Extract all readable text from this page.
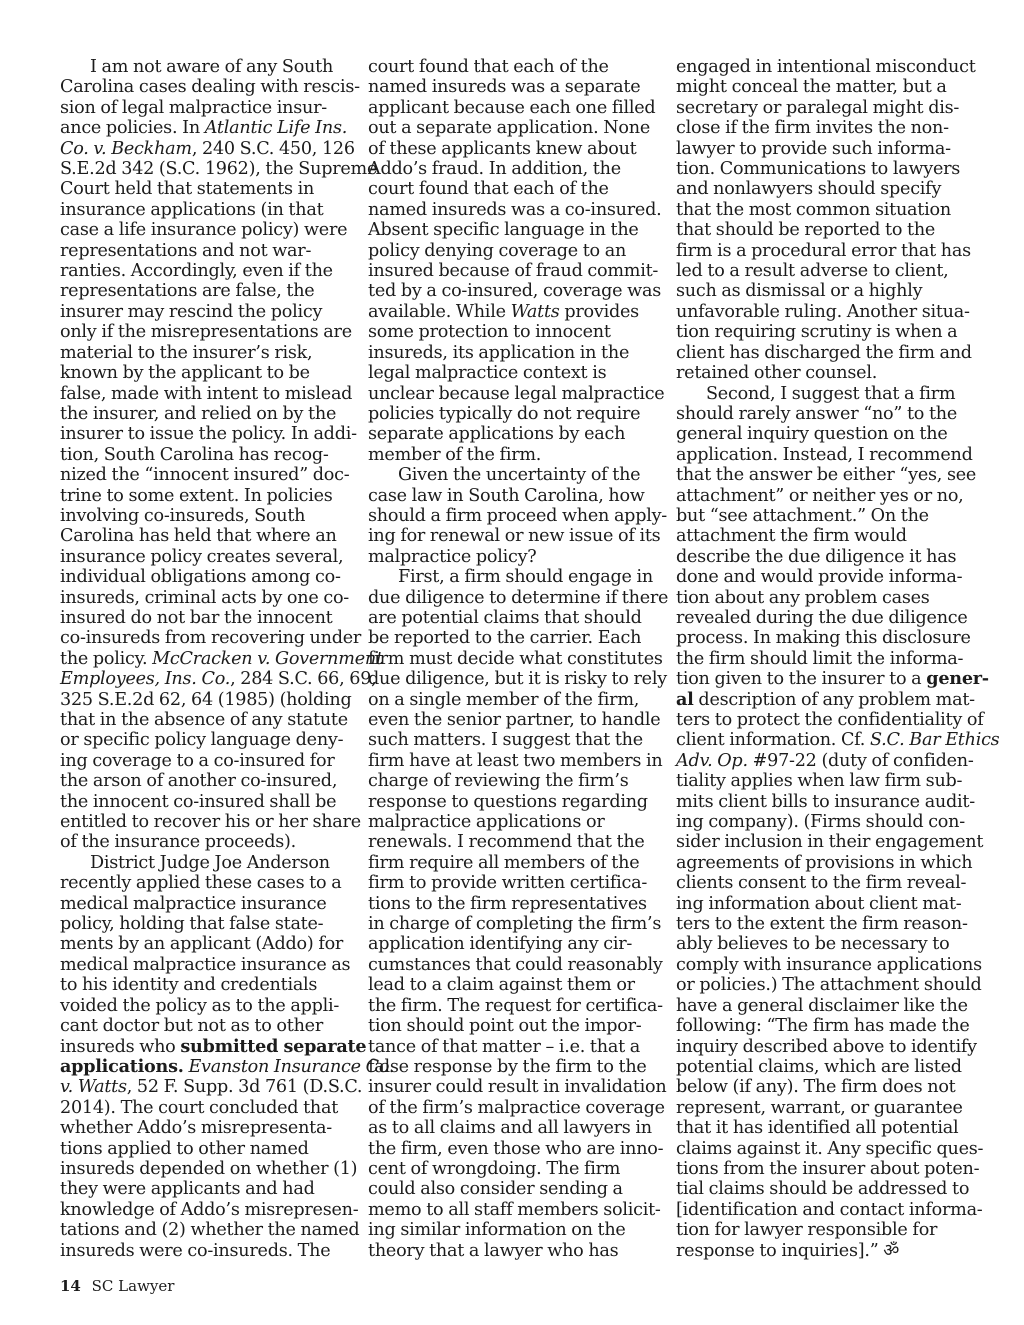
I am not aware of any South
Carolina cases dealing with rescis-
sion of legal malpractice insur-
ance policies. In Atlantic Life Ins.
Co. v. Beckham, 240 S.C. 450, 126
S.E.2d 342 (S.C. 1962), the Supreme
Court held that statements in
insurance applications (in that
case a life insurance policy) were
representations and not war-
ranties. Accordingly, even if the
representations are false, the
insurer may rescind the policy
only if the misrepresentations are
material to the insurer’s risk,
known by the applicant to be
false, made with intent to mislead
the insurer, and relied on by the
insurer to issue the policy. In addi-
tion, South Carolina has recog-
nized the “innocent insured” doc-
trine to some extent. In policies
involving co-insureds, South
Carolina has held that where an
insurance policy creates several,
individual obligations among co-
insureds, criminal acts by one co-
insured do not bar the innocent
co-insureds from recovering under
the policy. McCracken v. Government
Employees, Ins. Co., 284 S.C. 66, 69,
325 S.E.2d 62, 64 (1985) (holding
that in the absence of any statute
or specific policy language deny-
ing coverage to a co-insured for
the arson of another co-insured,
the innocent co-insured shall be
entitled to recover his or her share
of the insurance proceeds).
District Judge Joe Anderson
recently applied these cases to a
medical malpractice insurance
policy, holding that false state-
ments by an applicant (Addo) for
medical malpractice insurance as
to his identity and credentials
voided the policy as to the appli-
cant doctor but not as to other
insureds who submitted separate
applications. Evanston Insurance Co.
v. Watts, 52 F. Supp. 3d 761 (D.S.C.
2014). The court concluded that
whether Addo’s misrepresenta-
tions applied to other named
insureds depended on whether (1)
they were applicants and had
knowledge of Addo’s misrepresen-
tations and (2) whether the named
insureds were co-insureds. The
court found that each of the
named insureds was a separate
applicant because each one filled
out a separate application. None
of these applicants knew about
Addo’s fraud. In addition, the
court found that each of the
named insureds was a co-insured.
Absent specific language in the
policy denying coverage to an
insured because of fraud commit-
ted by a co-insured, coverage was
available. While Watts provides
some protection to innocent
insureds, its application in the
legal malpractice context is
unclear because legal malpractice
policies typically do not require
separate applications by each
member of the firm.
Given the uncertainty of the
case law in South Carolina, how
should a firm proceed when apply-
ing for renewal or new issue of its
malpractice policy?
First, a firm should engage in
due diligence to determine if there
are potential claims that should
be reported to the carrier. Each
firm must decide what constitutes
due diligence, but it is risky to rely
on a single member of the firm,
even the senior partner, to handle
such matters. I suggest that the
firm have at least two members in
charge of reviewing the firm’s
response to questions regarding
malpractice applications or
renewals. I recommend that the
firm require all members of the
firm to provide written certifica-
tions to the firm representatives
in charge of completing the firm’s
application identifying any cir-
cumstances that could reasonably
lead to a claim against them or
the firm. The request for certifica-
tion should point out the impor-
tance of that matter – i.e. that a
false response by the firm to the
insurer could result in invalidation
of the firm’s malpractice coverage
as to all claims and all lawyers in
the firm, even those who are inno-
cent of wrongdoing. The firm
could also consider sending a
memo to all staff members solicit-
ing similar information on the
theory that a lawyer who has
engaged in intentional misconduct
might conceal the matter, but a
secretary or paralegal might dis-
close if the firm invites the non-
lawyer to provide such informa-
tion. Communications to lawyers
and nonlawyers should specify
that the most common situation
that should be reported to the
firm is a procedural error that has
led to a result adverse to client,
such as dismissal or a highly
unfavorable ruling. Another situa-
tion requiring scrutiny is when a
client has discharged the firm and
retained other counsel.
Second, I suggest that a firm
should rarely answer “no” to the
general inquiry question on the
application. Instead, I recommend
that the answer be either “yes, see
attachment” or neither yes or no,
but “see attachment.” On the
attachment the firm would
describe the due diligence it has
done and would provide informa-
tion about any problem cases
revealed during the due diligence
process. In making this disclosure
the firm should limit the informa-
tion given to the insurer to a gener-
al description of any problem mat-
ters to protect the confidentiality of
client information. Cf. S.C. Bar Ethics
Adv. Op. #97-22 (duty of confiden-
tiality applies when law firm sub-
mits client bills to insurance audit-
ing company). (Firms should con-
sider inclusion in their engagement
agreements of provisions in which
clients consent to the firm reveal-
ing information about client mat-
ters to the extent the firm reason-
ably believes to be necessary to
comply with insurance applications
or policies.) The attachment should
have a general disclaimer like the
following: “The firm has made the
inquiry described above to identify
potential claims, which are listed
below (if any). The firm does not
represent, warrant, or guarantee
that it has identified all potential
claims against it. Any specific ques-
tions from the insurer about poten-
tial claims should be addressed to
[identification and contact informa-
tion for lawyer responsible for
response to inquiries].” ॐ
14 SC Lawyer
